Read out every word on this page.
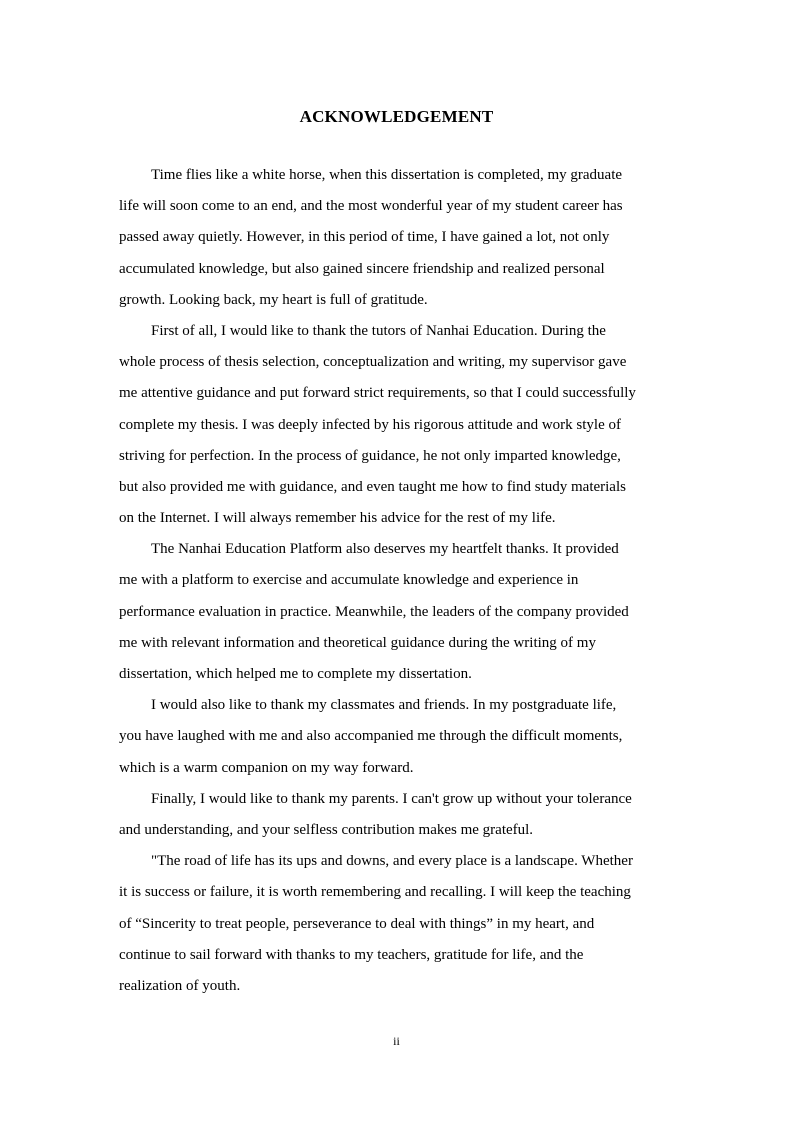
ACKNOWLEDGEMENT

Time flies like a white horse, when this dissertation is completed, my graduate
life will soon come to an end, and the most wonderful year of my student career has
passed away quietly. However, in this period of time, I have gained a lot, not only
accumulated knowledge, but also gained sincere friendship and realized personal
growth. Looking back, my heart is full of gratitude.

First of all, I would like to thank the tutors of Nanhai Education. During the
whole process of thesis selection, conceptualization and writing, my supervisor gave
me attentive guidance and put forward strict requirements, so that I could successfully
complete my thesis. I was deeply infected by his rigorous attitude and work style of
striving for perfection. In the process of guidance, he not only imparted knowledge,
but also provided me with guidance, and even taught me how to find study materials
on the Internet. I will always remember his advice for the rest of my life.

The Nanhai Education Platform also deserves my heartfelt thanks. It provided
me with a platform to exercise and accumulate knowledge and experience in
performance evaluation in practice. Meanwhile, the leaders of the company provided
me with relevant information and theoretical guidance during the writing of my
dissertation, which helped me to complete my dissertation.

I would also like to thank my classmates and friends. In my postgraduate life,
you have laughed with me and also accompanied me through the difficult moments,
which is a warm companion on my way forward.

Finally, I would like to thank my parents. I can't grow up without your tolerance
and understanding, and your selfless contribution makes me grateful.

"The road of life has its ups and downs, and every place is a landscape. Whether
it is success or failure, it is worth remembering and recalling. I will keep the teaching
of “Sincerity to treat people, perseverance to deal with things” in my heart, and
continue to sail forward with thanks to my teachers, gratitude for life, and the
realization of youth.

ii
